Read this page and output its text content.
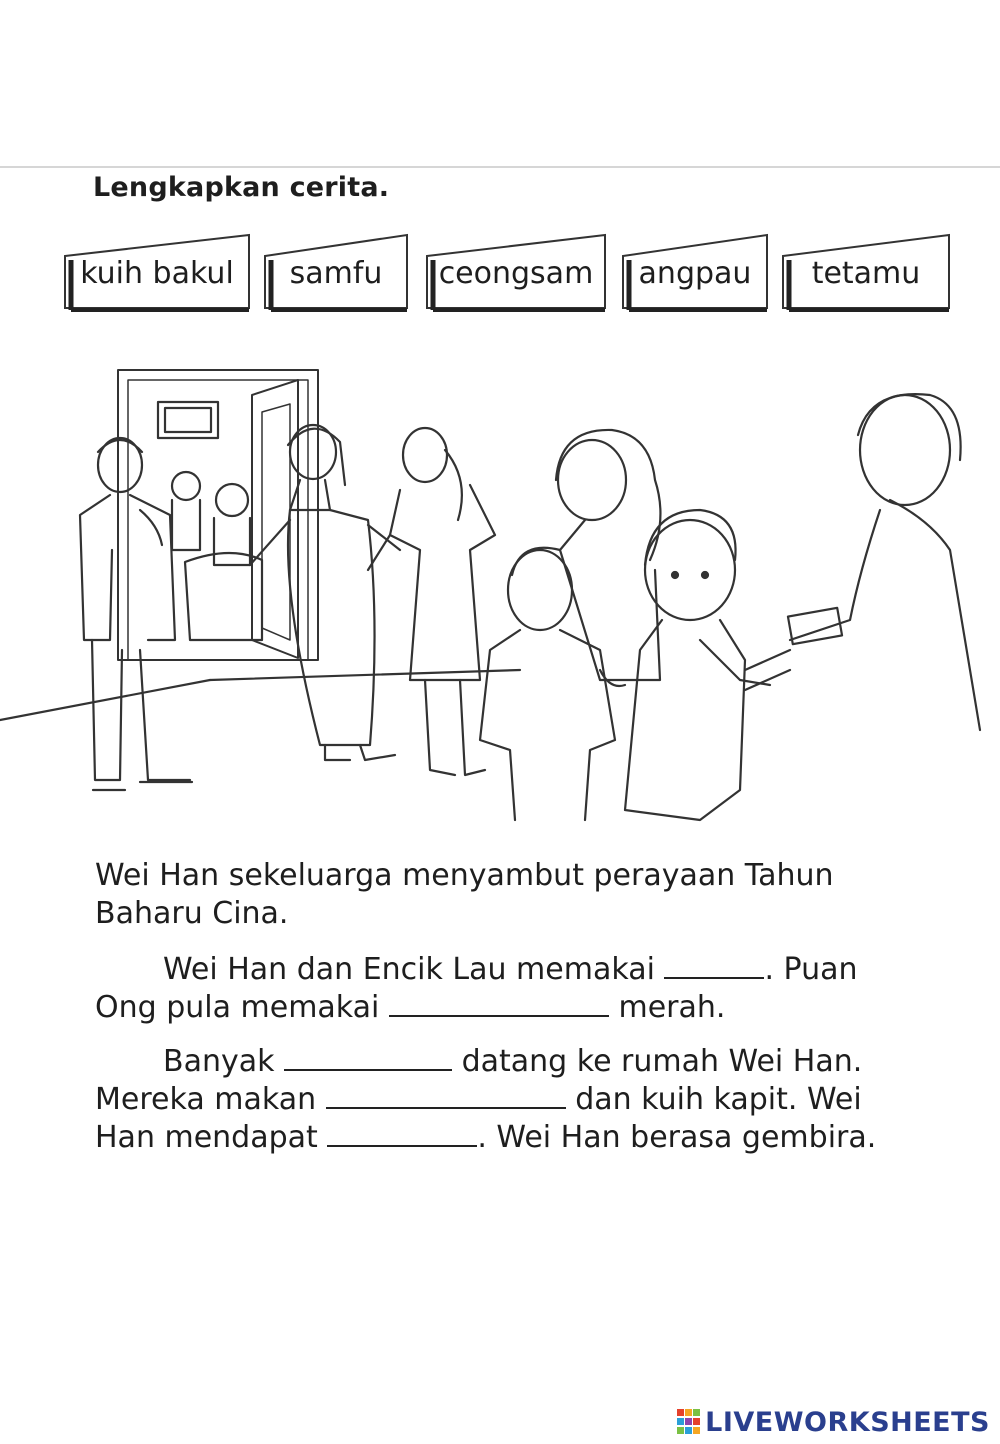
Lengkapkan cerita.
kuih bakul	samfu	ceongsam	angpau	tetamu
Wei Han sekeluarga menyambut perayaan Tahun Baharu Cina.
Wei Han dan Encik Lau memakai	. Puan Ong pula memakai	merah.
Banyak	datang ke rumah Wei Han. Mereka makan	dan kuih kapit. Wei Han mendapat	. Wei Han berasa gembira.
LIVEWORKSHEETS
